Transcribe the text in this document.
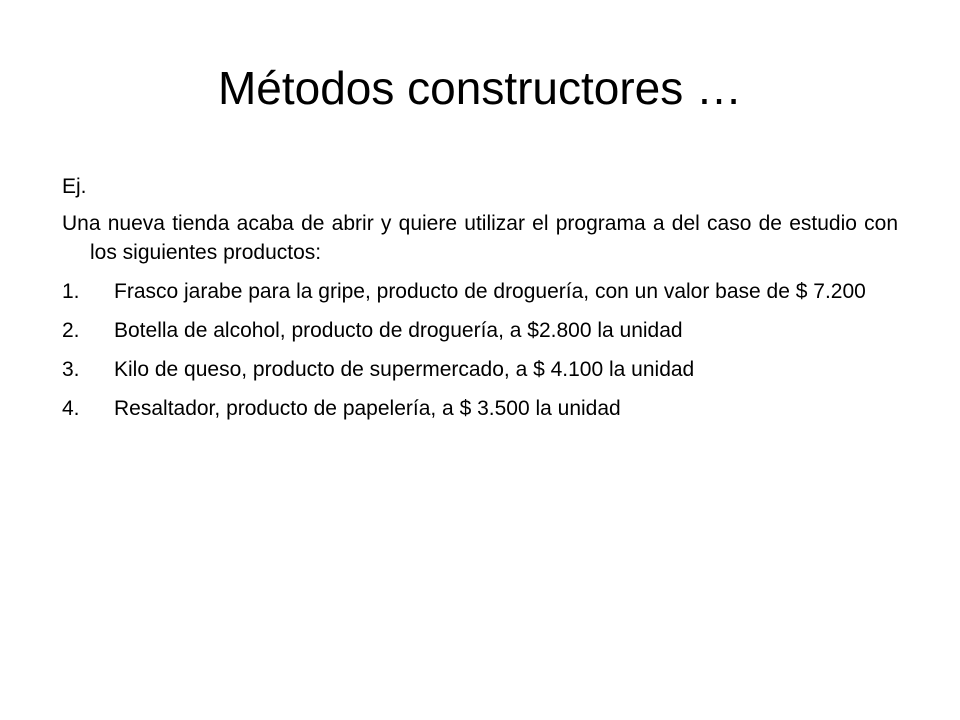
Métodos constructores …
Ej.
Una nueva tienda acaba de abrir y quiere utilizar el programa a del caso de estudio con los siguientes productos:
1. Frasco jarabe para la gripe, producto de droguería, con un valor base de $ 7.200
2. Botella de alcohol, producto de droguería, a $2.800 la unidad
3. Kilo de queso, producto de supermercado, a $ 4.100 la unidad
4. Resaltador, producto de papelería, a $ 3.500 la unidad
